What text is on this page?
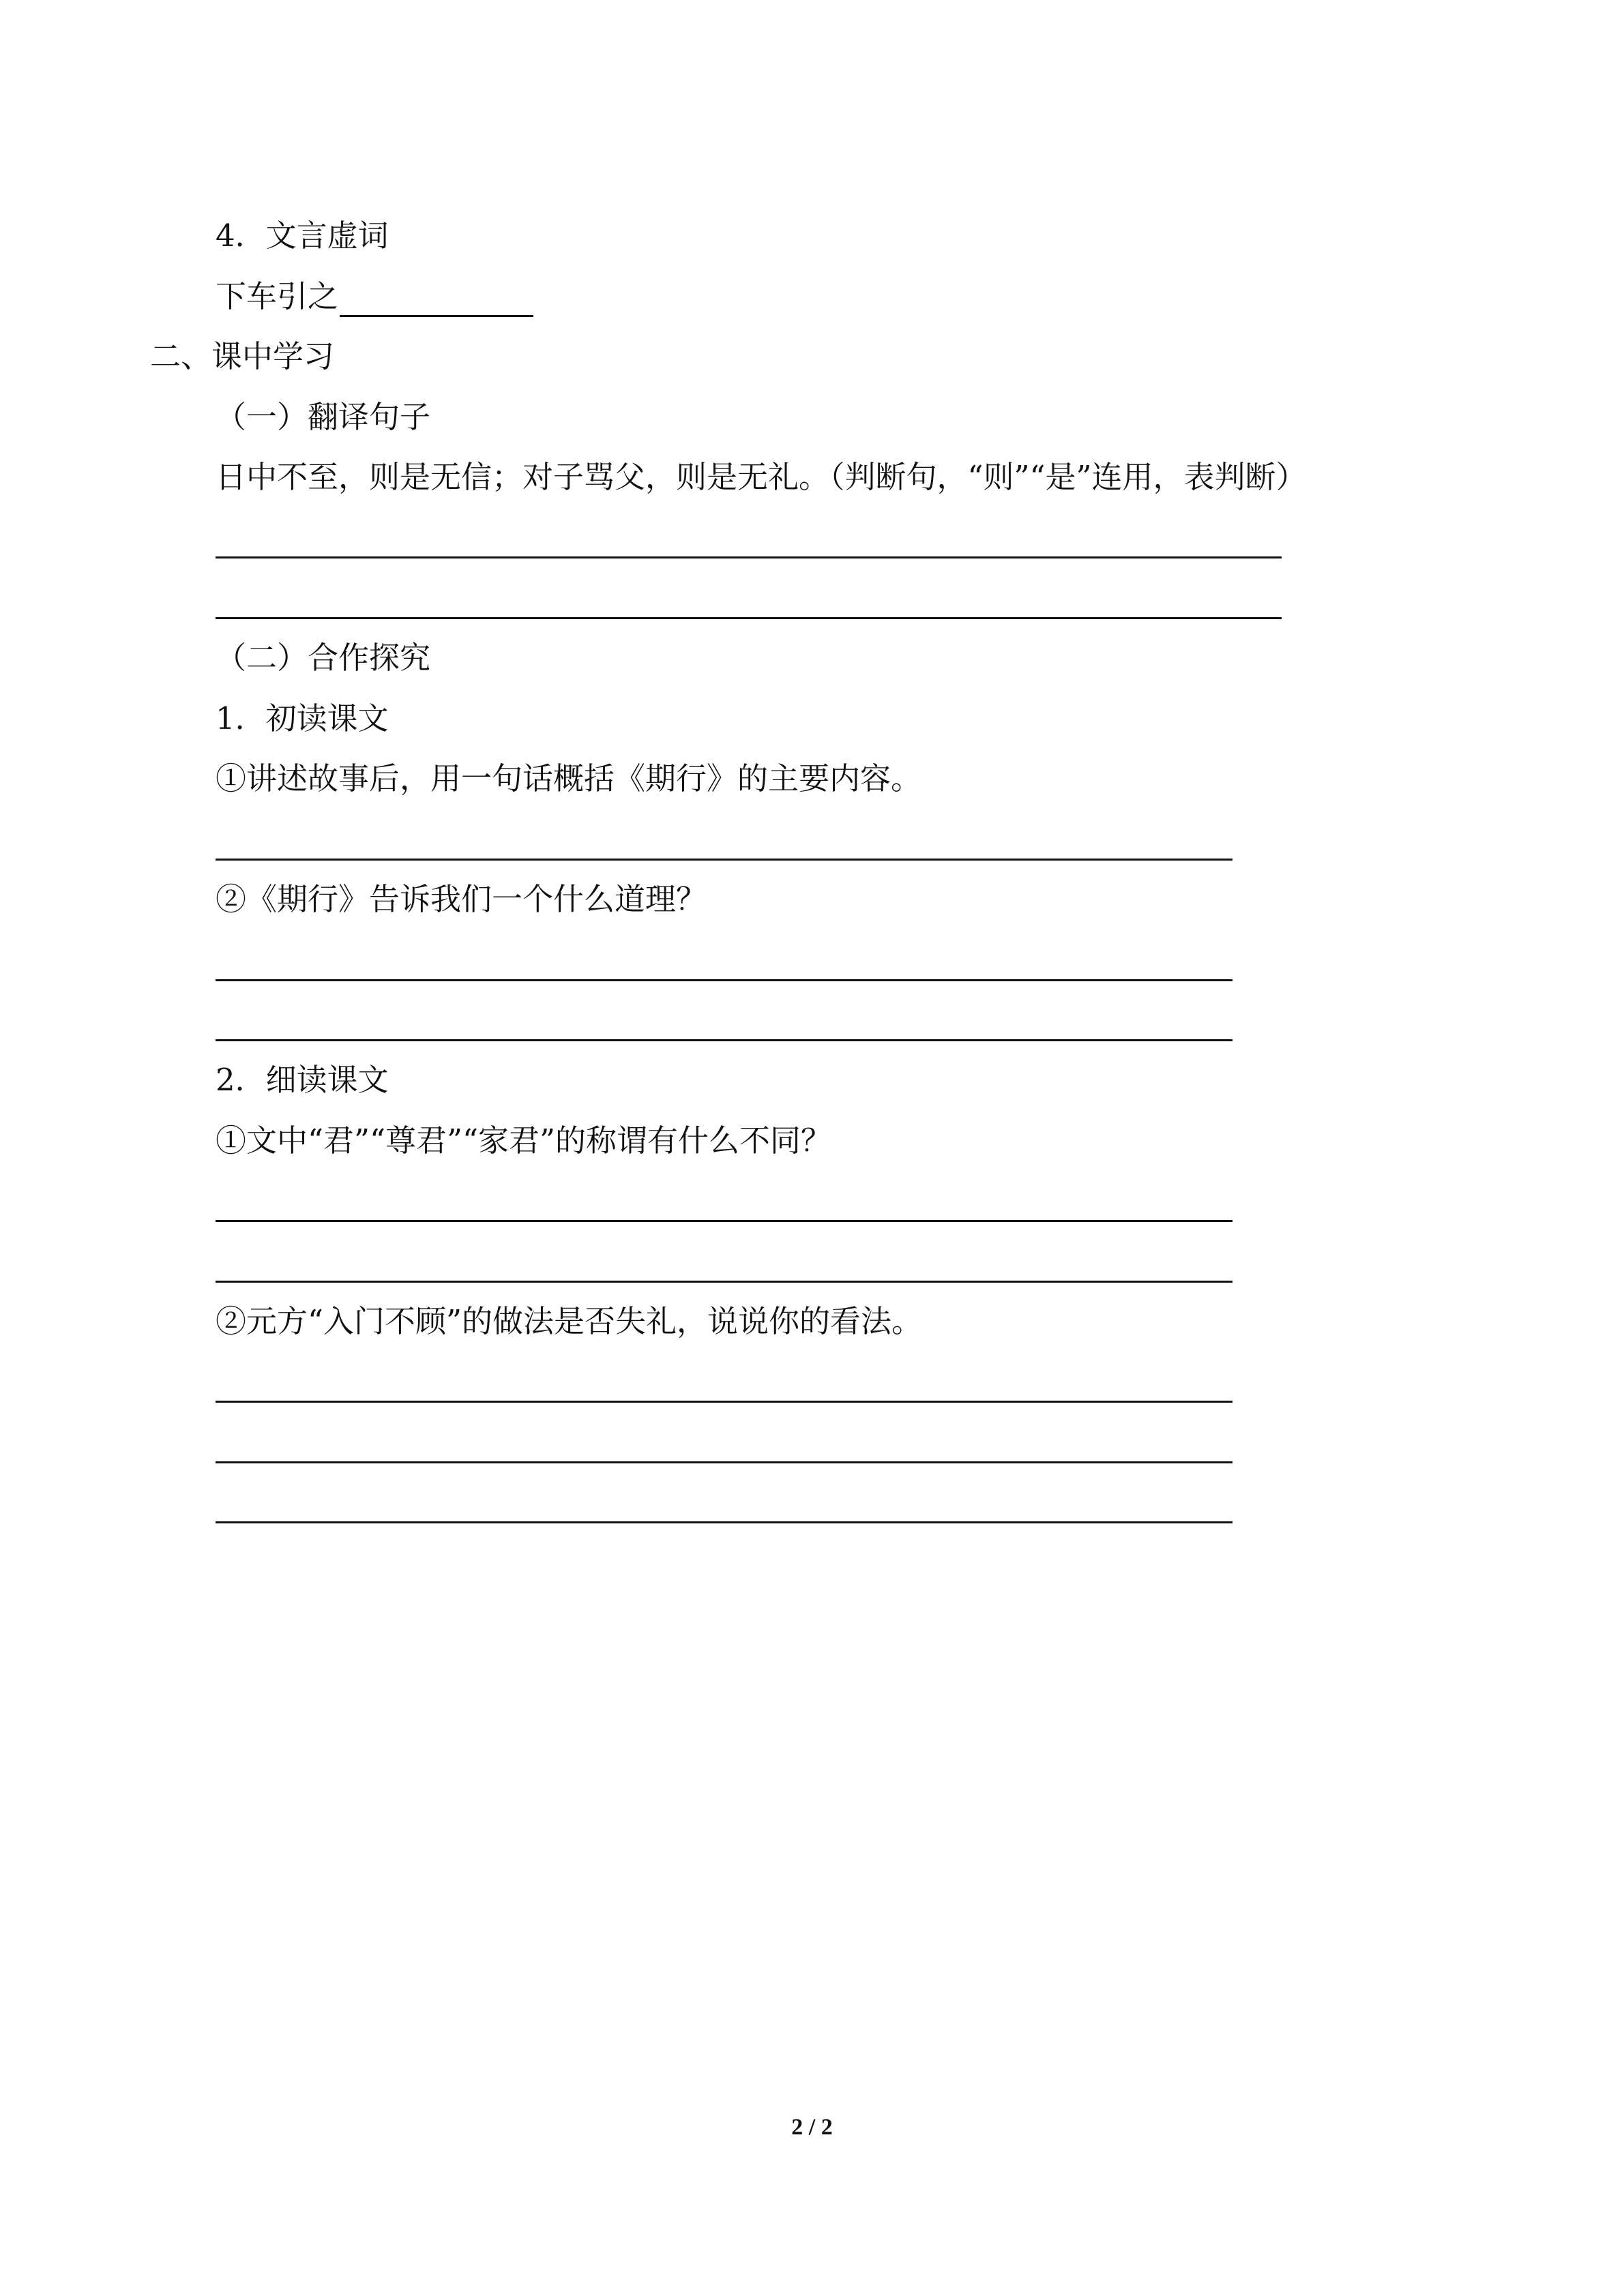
4．文言虚词
下车引之
二、课中学习
（一）翻译句子
日中不至，则是无信；对子骂父，则是无礼。（判断句，“则”“是”连用，表判断）
（二）合作探究
1．初读课文
①讲述故事后，用一句话概括《期行》的主要内容。
②《期行》告诉我们一个什么道理？
2．细读课文
①文中“君”“尊君”“家君”的称谓有什么不同？
②元方“入门不顾”的做法是否失礼，说说你的看法。
2 / 2
